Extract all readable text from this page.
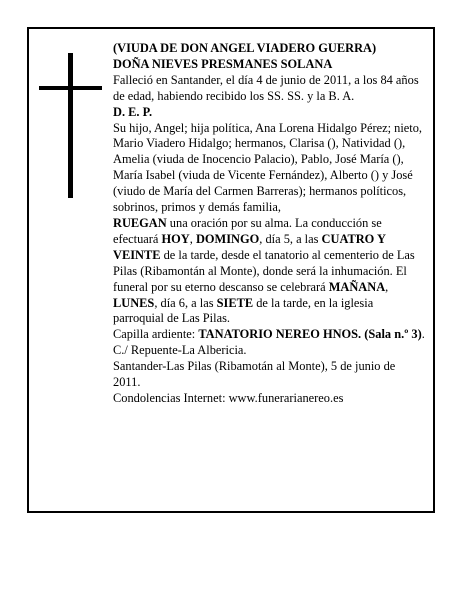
(VIUDA DE DON ANGEL VIADERO GUERRA)

DOÑA NIEVES PRESMANES SOLANA

Falleció en Santander, el día 4 de junio de 2011, a los 84 años

de edad, habiendo recibido los SS. SS. y la B. A.

D. E. P.

Su hijo, Angel; hija política, Ana Lorena Hidalgo Pérez; nieto, Mario Viadero Hidalgo; hermanos, Clarisa (), Natividad (), Amelia (viuda de Inocencio Palacio), Pablo, José María (), María Isabel (viuda de Vicente Fernández), Alberto () y José (viudo de María del Carmen Barreras); hermanos políticos, sobrinos, primos y demás familia,

RUEGAN una oración por su alma. La conducción se efectuará HOY, DOMINGO, día 5, a las CUATRO Y VEINTE de la tarde, desde el tanatorio al cementerio de Las Pilas (Ribamontán al Monte), donde será la inhumación. El funeral por su eterno descanso se celebrará MAÑANA, LUNES, día 6, a las SIETE de la tarde, en la iglesia parroquial de Las Pilas.

Capilla ardiente: TANATORIO NEREO HNOS. (Sala n.º 3). C./ Repuente-La Albericia.

Santander-Las Pilas (Ribamotán al Monte), 5 de junio de 2011.

Condolencias Internet: www.funerarianereo.es
